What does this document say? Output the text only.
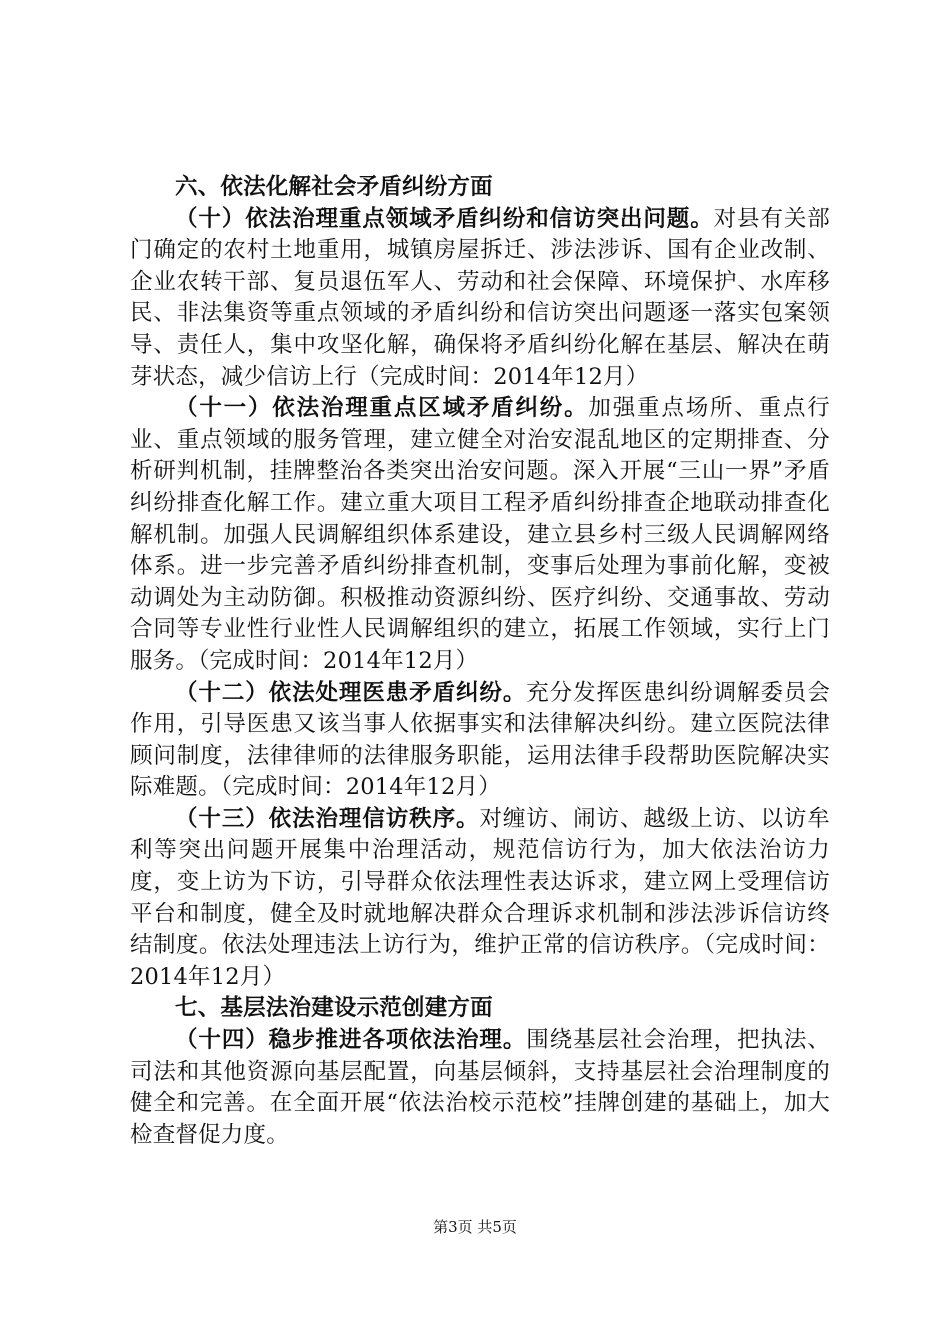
六、依法化解社会矛盾纠纷方面

（十）依法治理重点领域矛盾纠纷和信访突出问题。对县有关部门确定的农村土地重用，城镇房屋拆迁、涉法涉诉、国有企业改制、企业农转干部、复员退伍军人、劳动和社会保障、环境保护、水库移民、非法集资等重点领域的矛盾纠纷和信访突出问题逐一落实包案领导、责任人，集中攻坚化解，确保将矛盾纠纷化解在基层、解决在萌芽状态，减少信访上行（完成时间：2014年12月）

（十一）依法治理重点区域矛盾纠纷。加强重点场所、重点行业、重点领域的服务管理，建立健全对治安混乱地区的定期排查、分析研判机制，挂牌整治各类突出治安问题。深入开展“三山一界”矛盾纠纷排查化解工作。建立重大项目工程矛盾纠纷排查企地联动排查化解机制。加强人民调解组织体系建设，建立县乡村三级人民调解网络体系。进一步完善矛盾纠纷排查机制，变事后处理为事前化解，变被动调处为主动防御。积极推动资源纠纷、医疗纠纷、交通事故、劳动合同等专业性行业性人民调解组织的建立，拓展工作领域，实行上门服务。（完成时间：2014年12月）

（十二）依法处理医患矛盾纠纷。充分发挥医患纠纷调解委员会作用，引导医患又该当事人依据事实和法律解决纠纷。建立医院法律顾问制度，法律律师的法律服务职能，运用法律手段帮助医院解决实际难题。（完成时间：2014年12月）

（十三）依法治理信访秩序。对缠访、闹访、越级上访、以访牟利等突出问题开展集中治理活动，规范信访行为，加大依法治访力度，变上访为下访，引导群众依法理性表达诉求，建立网上受理信访平台和制度，健全及时就地解决群众合理诉求机制和涉法涉诉信访终结制度。依法处理违法上访行为，维护正常的信访秩序。（完成时间：2014年12月）

七、基层法治建设示范创建方面

（十四）稳步推进各项依法治理。围绕基层社会治理，把执法、司法和其他资源向基层配置，向基层倾斜，支持基层社会治理制度的健全和完善。在全面开展“依法治校示范校”挂牌创建的基础上，加大检查督促力度。

第3页 共5页
